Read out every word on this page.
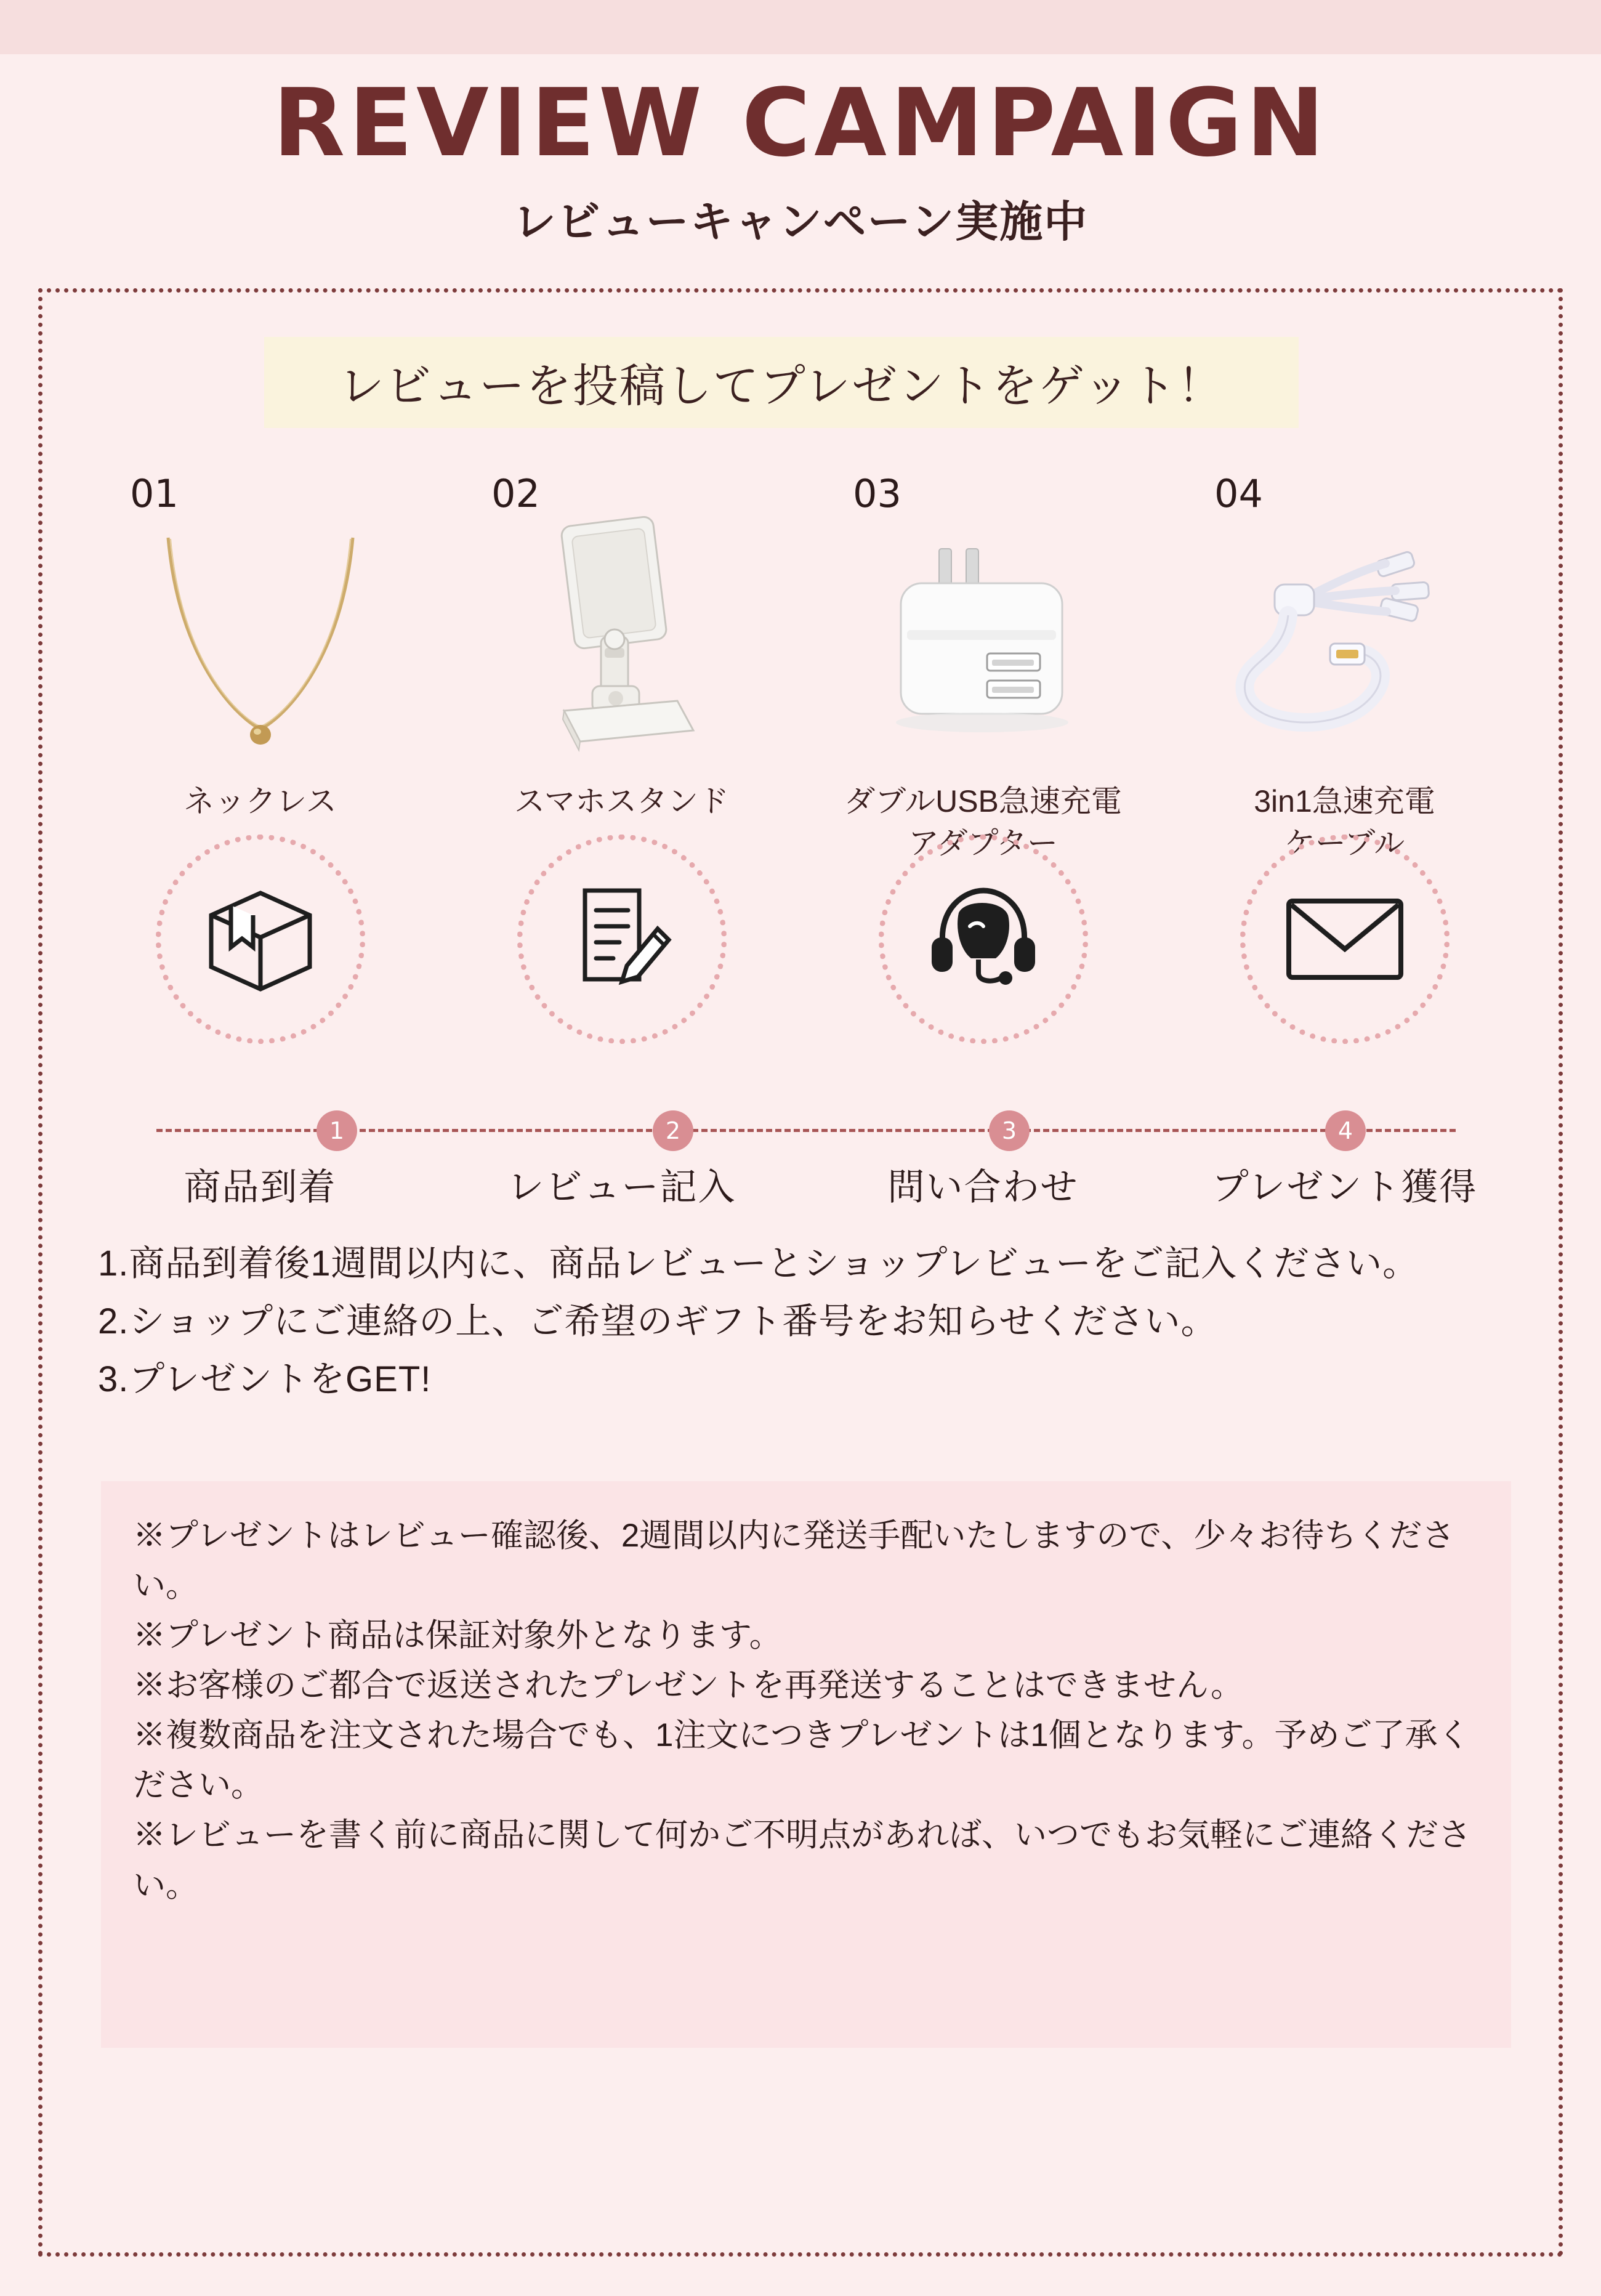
REVIEW CAMPAIGN
レビューキャンペーン実施中
レビューを投稿してプレゼントをゲット！
01
ネックレス
02
スマホスタンド
03
ダブルUSB急速充電
アダプター
04
3in1急速充電
ケーブル
1	2	3	4
商品到着	レビュー記入	問い合わせ	プレゼント獲得

1.商品到着後1週間以内に、商品レビューとショップレビューをご記入ください。

2.ショップにご連絡の上、ご希望のギフト番号をお知らせください。

3.プレゼントをGET!

※プレゼントはレビュー確認後、2週間以内に発送手配いたしますので、少々お待ちください。

※プレゼント商品は保証対象外となります。

※お客様のご都合で返送されたプレゼントを再発送することはできません。

※複数商品を注文された場合でも、1注文につきプレゼントは1個となります。予めご了承ください。

※レビューを書く前に商品に関して何かご不明点があれば、いつでもお気軽にご連絡ください。
